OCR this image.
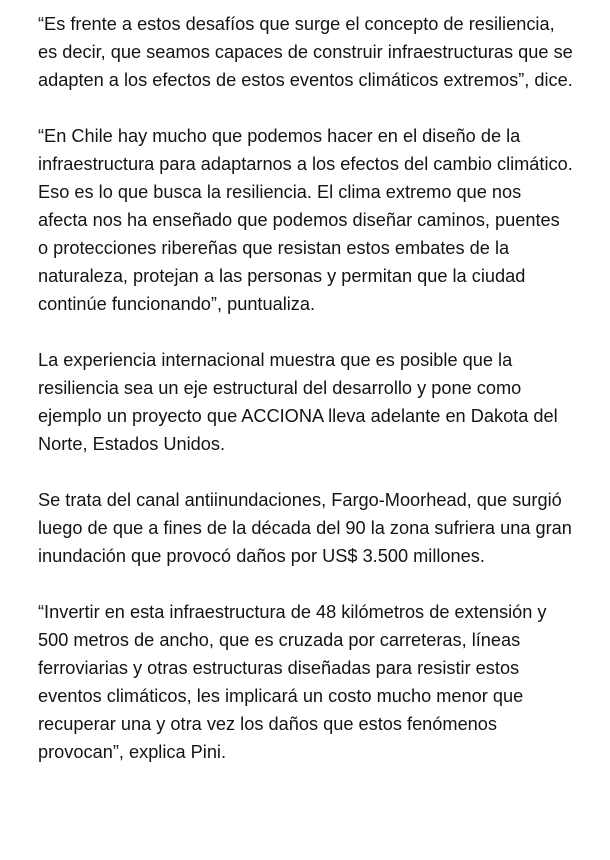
“Es frente a estos desafíos que surge el concepto de resiliencia, es decir, que seamos capaces de construir infraestructuras que se adapten a los efectos de estos eventos climáticos extremos”, dice.

“En Chile hay mucho que podemos hacer en el diseño de la infraestructura para adaptarnos a los efectos del cambio climático. Eso es lo que busca la resiliencia. El clima extremo que nos afecta nos ha enseñado que podemos diseñar caminos, puentes o protecciones ribereñas que resistan estos embates de la naturaleza, protejan a las personas y permitan que la ciudad continúe funcionando”, puntualiza.

La experiencia internacional muestra que es posible que la resiliencia sea un eje estructural del desarrollo y pone como ejemplo un proyecto que ACCIONA lleva adelante en Dakota del Norte, Estados Unidos.

Se trata del canal antiinundaciones, Fargo-Moorhead, que surgió luego de que a fines de la década del 90 la zona sufriera una gran inundación que provocó daños por US$ 3.500 millones.

“Invertir en esta infraestructura de 48 kilómetros de extensión y 500 metros de ancho, que es cruzada por carreteras, líneas ferroviarias y otras estructuras diseñadas para resistir estos eventos climáticos, les implicará un costo mucho menor que recuperar una y otra vez los daños que estos fenómenos provocan”, explica Pini.
